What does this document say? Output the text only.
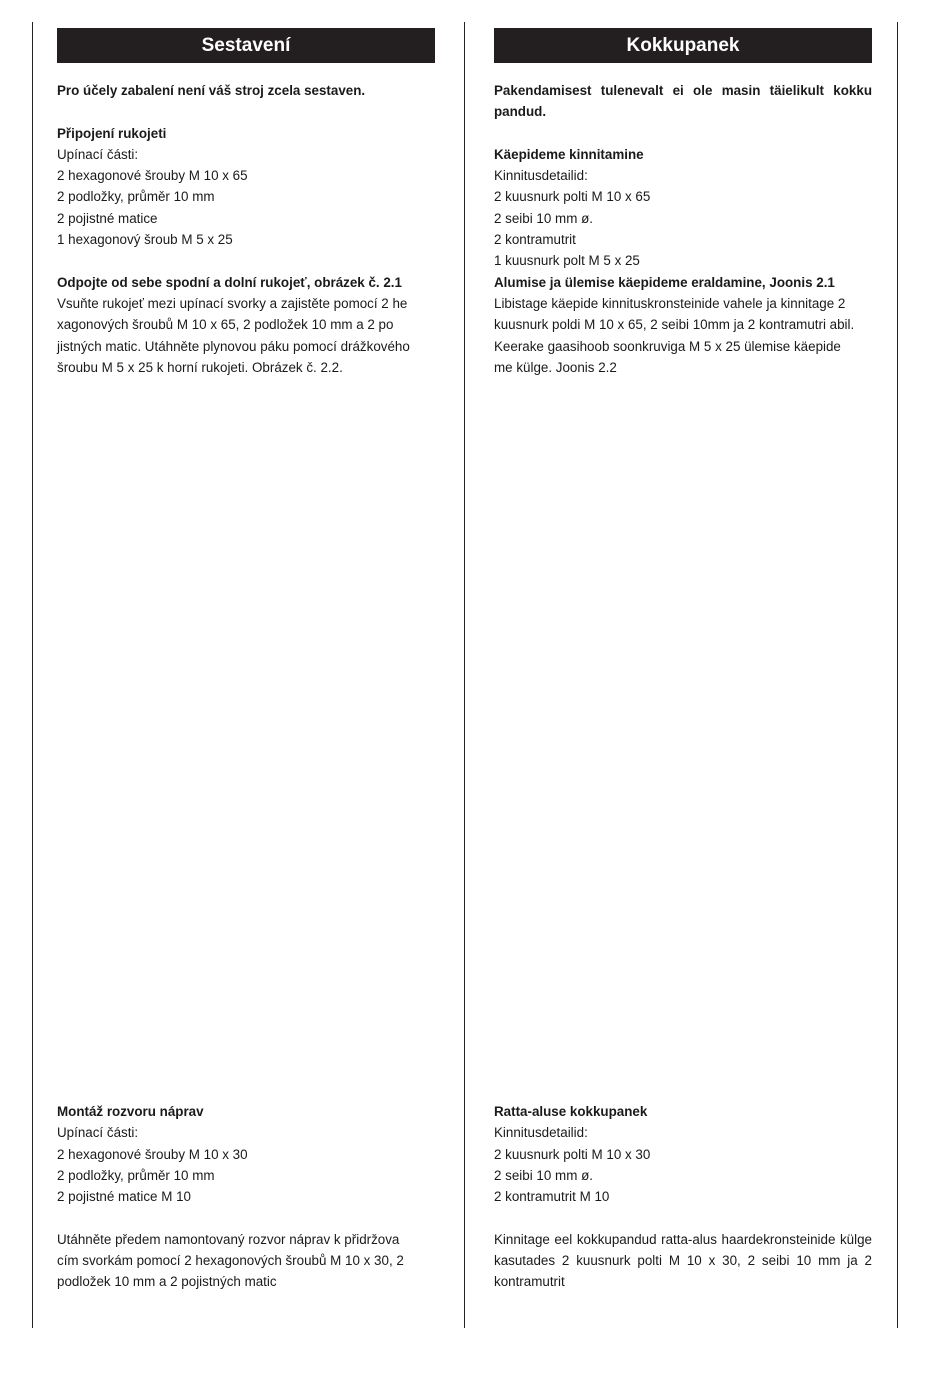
Sestavení

Pro účely zabalení není váš stroj zcela sestaven.

Připojení rukojeti

Upínací části:

2 hexagonové šrouby M 10 x 65

2 podložky, průměr 10 mm

2 pojistné matice

1 hexagonový šroub M 5 x 25

Odpojte od sebe spodní a dolní rukojeť, obrázek č. 2.1

Vsuňte rukojeť mezi upínací svorky a zajistěte pomocí 2 he

xagonových šroubů M 10 x 65, 2 podložek 10 mm a 2 po

jistných matic. Utáhněte plynovou páku pomocí drážkového

šroubu M 5 x 25 k horní rukojeti. Obrázek č. 2.2.

Montáž rozvoru náprav

Upínací části:

2 hexagonové šrouby M 10 x 30

2 podložky, průměr 10 mm

2 pojistné matice M 10

Utáhněte předem namontovaný rozvor náprav k přidržova

cím svorkám pomocí 2 hexagonových šroubů M 10 x 30, 2

podložek 10 mm a 2 pojistných matic

Kokkupanek

Pakendamisest tulenevalt ei ole masin täielikult kokku pandud.

Käepideme kinnitamine

Kinnitusdetailid:

2 kuusnurk polti M 10 x 65

2 seibi 10 mm ø.

2 kontramutrit

1 kuusnurk polt M 5 x 25

Alumise ja ülemise käepideme eraldamine, Joonis 2.1

Libistage käepide kinnituskronsteinide vahele ja kinnitage 2

kuusnurk poldi M 10 x 65, 2 seibi 10mm ja 2 kontramutri abil.

Keerake gaasihoob soonkruviga M 5 x 25 ülemise käepide

me külge. Joonis 2.2

Ratta-aluse kokkupanek

Kinnitusdetailid:

2 kuusnurk polti M 10 x 30

2 seibi 10 mm ø.

2 kontramutrit M 10

Kinnitage eel kokkupandud ratta-alus haardekronsteinide külge kasutades 2 kuusnurk polti M 10 x 30, 2 seibi 10 mm ja 2 kontramutrit
